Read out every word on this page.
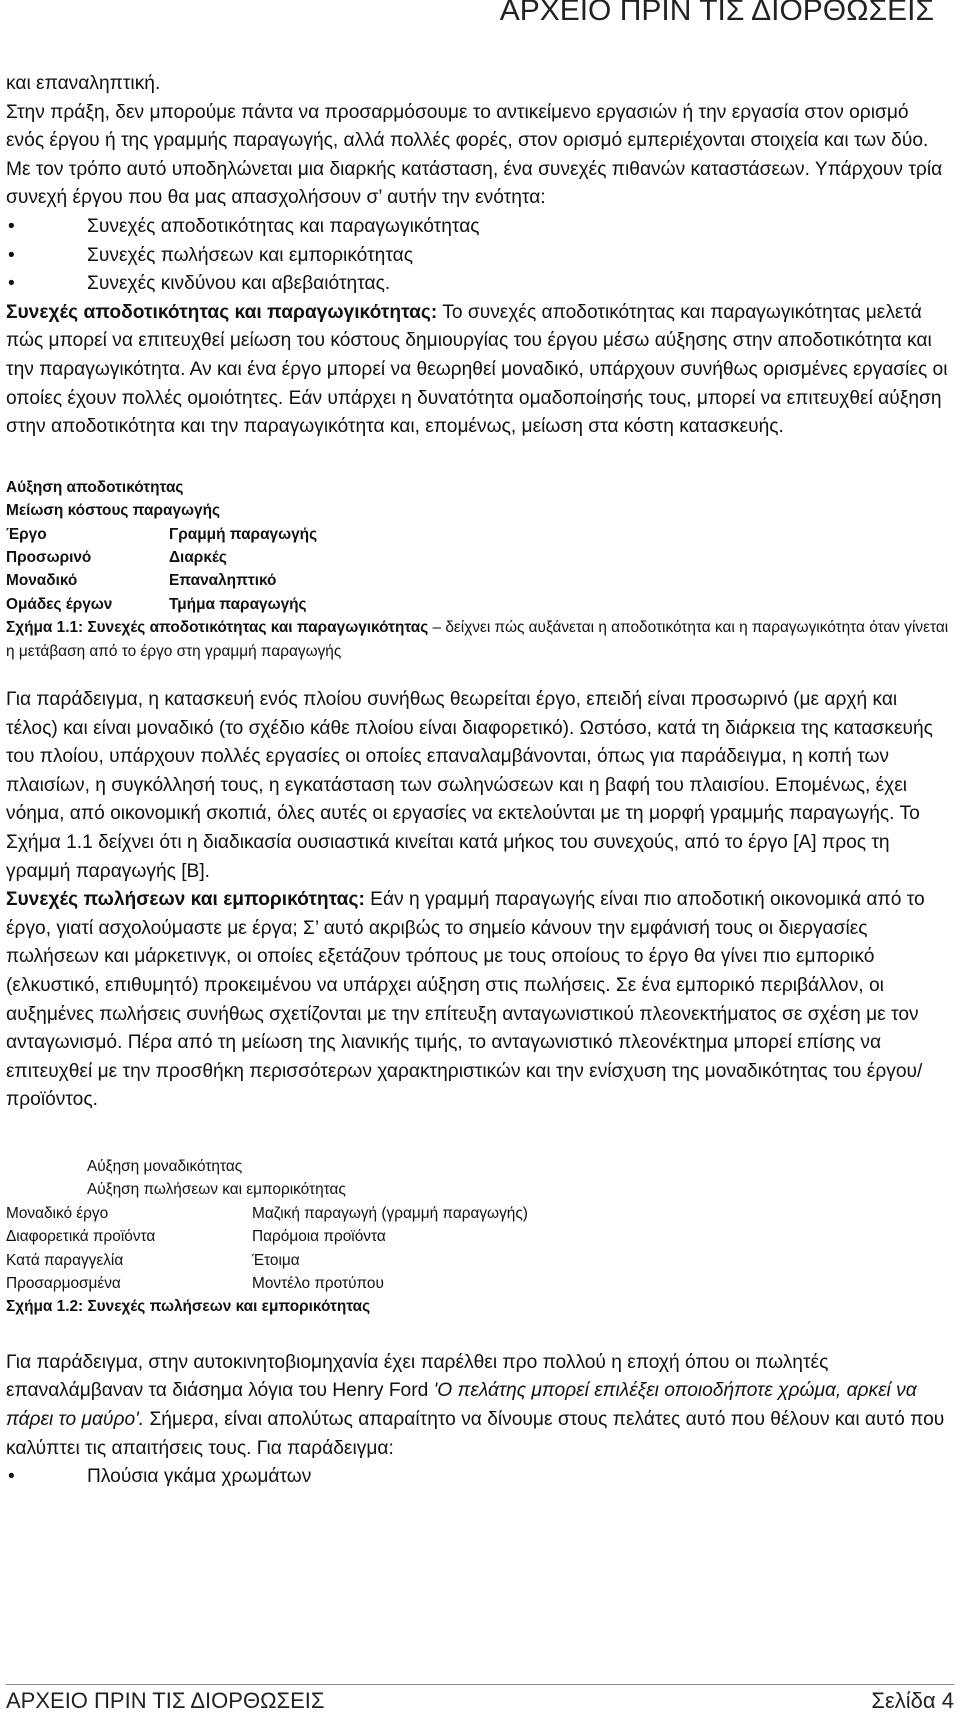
ΑΡΧΕΙΟ ΠΡΙΝ ΤΙΣ ΔΙΟΡΘΩΣΕΙΣ

και επαναληπτική.

Στην πράξη, δεν μπορούμε πάντα να προσαρμόσουμε το αντικείμενο εργασιών ή την εργασία στον ορισμό ενός έργου ή της γραμμής παραγωγής, αλλά πολλές φορές, στον ορισμό εμπεριέχονται στοιχεία και των δύο. Με τον τρόπο αυτό υποδηλώνεται μια διαρκής κατάσταση, ένα συνεχές πιθανών καταστάσεων. Υπάρχουν τρία συνεχή έργου που θα μας απασχολήσουν σ’ αυτήν την ενότητα:

• Συνεχές αποδοτικότητας και παραγωγικότητας
• Συνεχές πωλήσεων και εμπορικότητας
• Συνεχές κινδύνου και αβεβαιότητας.

Συνεχές αποδοτικότητας και παραγωγικότητας: Το συνεχές αποδοτικότητας και παραγωγικότητας μελετά πώς μπορεί να επιτευχθεί μείωση του κόστους δημιουργίας του έργου μέσω αύξησης στην αποδοτικότητα και την παραγωγικότητα. Αν και ένα έργο μπορεί να θεωρηθεί μοναδικό, υπάρχουν συνήθως ορισμένες εργασίες οι οποίες έχουν πολλές ομοιότητες. Εάν υπάρχει η δυνατότητα ομαδοποίησής τους, μπορεί να επιτευχθεί αύξηση στην αποδοτικότητα και την παραγωγικότητα και, επομένως, μείωση στα κόστη κατασκευής.

Αύξηση αποδοτικότητας

Μείωση κόστους παραγωγής

Έργο	Γραμμή παραγωγής
Προσωρινό	Διαρκές
Μοναδικό	Επαναληπτικό
Ομάδες έργων	Τμήμα παραγωγής

Σχήμα 1.1: Συνεχές αποδοτικότητας και παραγωγικότητας – δείχνει πώς αυξάνεται η αποδοτικότητα και η παραγωγικότητα όταν γίνεται η μετάβαση από το έργο στη γραμμή παραγωγής

Για παράδειγμα, η κατασκευή ενός πλοίου συνήθως θεωρείται έργο, επειδή είναι προσωρινό (με αρχή και τέλος) και είναι μοναδικό (το σχέδιο κάθε πλοίου είναι διαφορετικό). Ωστόσο, κατά τη διάρκεια της κατασκευής του πλοίου, υπάρχουν πολλές εργασίες οι οποίες επαναλαμβάνονται, όπως για παράδειγμα, η κοπή των πλαισίων, η συγκόλλησή τους, η εγκατάσταση των σωληνώσεων και η βαφή του πλαισίου. Επομένως, έχει νόημα, από οικονομική σκοπιά, όλες αυτές οι εργασίες να εκτελούνται με τη μορφή γραμμής παραγωγής. Το Σχήμα 1.1 δείχνει ότι η διαδικασία ουσιαστικά κινείται κατά μήκος του συνεχούς, από το έργο [Α] προς τη γραμμή παραγωγής [Β].

Συνεχές πωλήσεων και εμπορικότητας: Εάν η γραμμή παραγωγής είναι πιο αποδοτική οικονομικά από το έργο, γιατί ασχολούμαστε με έργα; Σ’ αυτό ακριβώς το σημείο κάνουν την εμφάνισή τους οι διεργασίες πωλήσεων και μάρκετινγκ, οι οποίες εξετάζουν τρόπους με τους οποίους το έργο θα γίνει πιο εμπορικό (ελκυστικό, επιθυμητό) προκειμένου να υπάρχει αύξηση στις πωλήσεις. Σε ένα εμπορικό περιβάλλον, οι αυξημένες πωλήσεις συνήθως σχετίζονται με την επίτευξη ανταγωνιστικού πλεονεκτήματος σε σχέση με τον ανταγωνισμό. Πέρα από τη μείωση της λιανικής τιμής, το ανταγωνιστικό πλεονέκτημα μπορεί επίσης να επιτευχθεί με την προσθήκη περισσότερων χαρακτηριστικών και την ενίσχυση της μοναδικότητας του έργου/προϊόντος.

Αύξηση μοναδικότητας

Αύξηση πωλήσεων και εμπορικότητας

Μοναδικό έργο	Μαζική παραγωγή (γραμμή παραγωγής)
Διαφορετικά προϊόντα	Παρόμοια προϊόντα
Κατά παραγγελία	Έτοιμα
Προσαρμοσμένα	Μοντέλο προτύπου

Σχήμα 1.2: Συνεχές πωλήσεων και εμπορικότητας

Για παράδειγμα, στην αυτοκινητοβιομηχανία έχει παρέλθει προ πολλού η εποχή όπου οι πωλητές επαναλάμβαναν τα διάσημα λόγια του Henry Ford 'Ο πελάτης μπορεί επιλέξει οποιοδήποτε χρώμα, αρκεί να πάρει το μαύρο'. Σήμερα, είναι απολύτως απαραίτητο να δίνουμε στους πελάτες αυτό που θέλουν και αυτό που καλύπτει τις απαιτήσεις τους. Για παράδειγμα:

• Πλούσια γκάμα χρωμάτων
ΑΡΧΕΙΟ ΠΡΙΝ ΤΙΣ ΔΙΟΡΘΩΣΕΙΣ	Σελίδα 4
